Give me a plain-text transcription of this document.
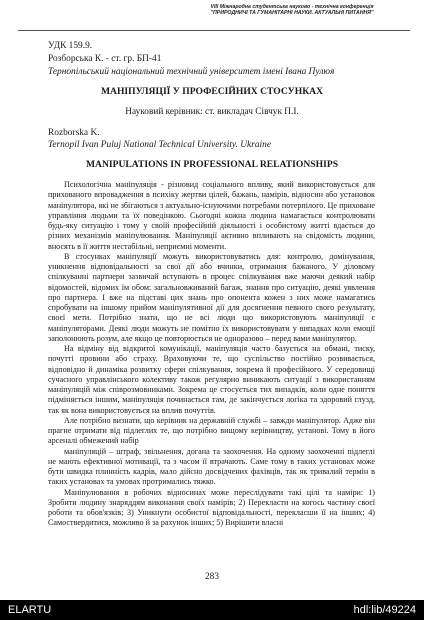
VIII Міжнародна студентська науково - технічна конференція
"ПРИРОДНИЧІ ТА ГУМАНІТАРНІ НАУКИ. АКТУАЛЬНІ ПИТАННЯ"
УДК 159.9.
Розборська К. - ст. гр. БП-41
Тернопільський національний технічний університет імені Івана Пулюя
МАНІПУЛЯЦІЇ У ПРОФЕСІЙНИХ СТОСУНКАХ
Науковий керівник: ст. викладач Сівчук П.І.
Rozborska K.
Ternopil Ivan Puluj National Technical University. Ukraine
MANIPULATIONS IN PROFESSIONAL RELATIONSHIPS

Психологічна маніпуляція - різновид соціального впливу, який використовується для прихованого впровадження в психіку жертви цілей, бажань, намірів, відносин або установок маніпулятора, які не збігаються з актуально-існуючими потребами потерпілого. Це приховане управління людьми та їх поведінкою. Сьогодні кожна людина намагається контролювати будь-яку ситуацію і тому у своїй професійній діяльності і особистому житті вдається до різних механізмів маніпулювання. Маніпуляції активно впливають на свідомість людини, вносять в її життя нестабільні, неприємні моменти.

В стосунках маніпуляції можуть використовуватись для: контролю, домінування, уникнення відповідальності за свої дії або вчинки, отримання бажаного. У діловому спілкуванні партнери зазвичай вступають в процес спілкування вже маючи деякий набір відомостей, відомих їм обом: загальновживаний багаж, знання про ситуацію, деякі уявлення про партнера. І вже на підставі цих знань про опонента кожен з них може намагатись спробувати на іншому прийом маніпулятивної дії для досягнення певного свого результату, своєї мети. Потрібно знати, що не всі люди що використовують маніпуляції є маніпуляторами. Деякі люди можуть не помітно їх використовувати у випадках коли емоції заполонюють розум, але якщо це повторюється не одноразово – перед вами маніпулятор.

На відміну від відкритої комунікації, маніпуляція часто базується на обмані, тиску, почутті провини або страху. Враховуючи те, що суспільство постійно розвивається, відповідно й динаміка розвитку сфери спілкування, зокрема й професійного. У середовищі сучасного управлінського колективу також регулярно виникають ситуації з використанням маніпуляцій між співрозмовниками. Зокрема це стосується тих випадків, коли одне поняття підміняється іншим, маніпуляція починається там, де закінчується логіка та здоровий глузд, так як вона використовується на вплив почуттів.

Але потрібно визнати, що керівник на державній службі – завжди маніпулятор. Адже він прагне отримати від підлеглих те, що потрібно вищому керівництву, установі. Тому в його арсеналі обмежений набір

маніпуляцій – штраф, звільнення, догана та заохочення. На одному заохоченні підлеглі не мають ефективної мотивації, та з часом її втрачають. Саме тому в таких установах може бути швидка плинність кадрів, мало дійсно досвідчених фахівців, так як тривалий термін в таких установах та умовах протримались тяжко.

Маніпулювання в робочих відносинах може переслідувати такі цілі та наміри: 1) Зробити людину знаряддям виконання своїх намірів; 2) Перекласти на когось частину своєї роботи та обов'язків; 3) Уникнути особистої відповідальності, перекласши її на інших; 4) Самоствердитися, можливо й за рахунок інших; 5) Вирішити власні

283
ELARTU	hdl:lib/49224
